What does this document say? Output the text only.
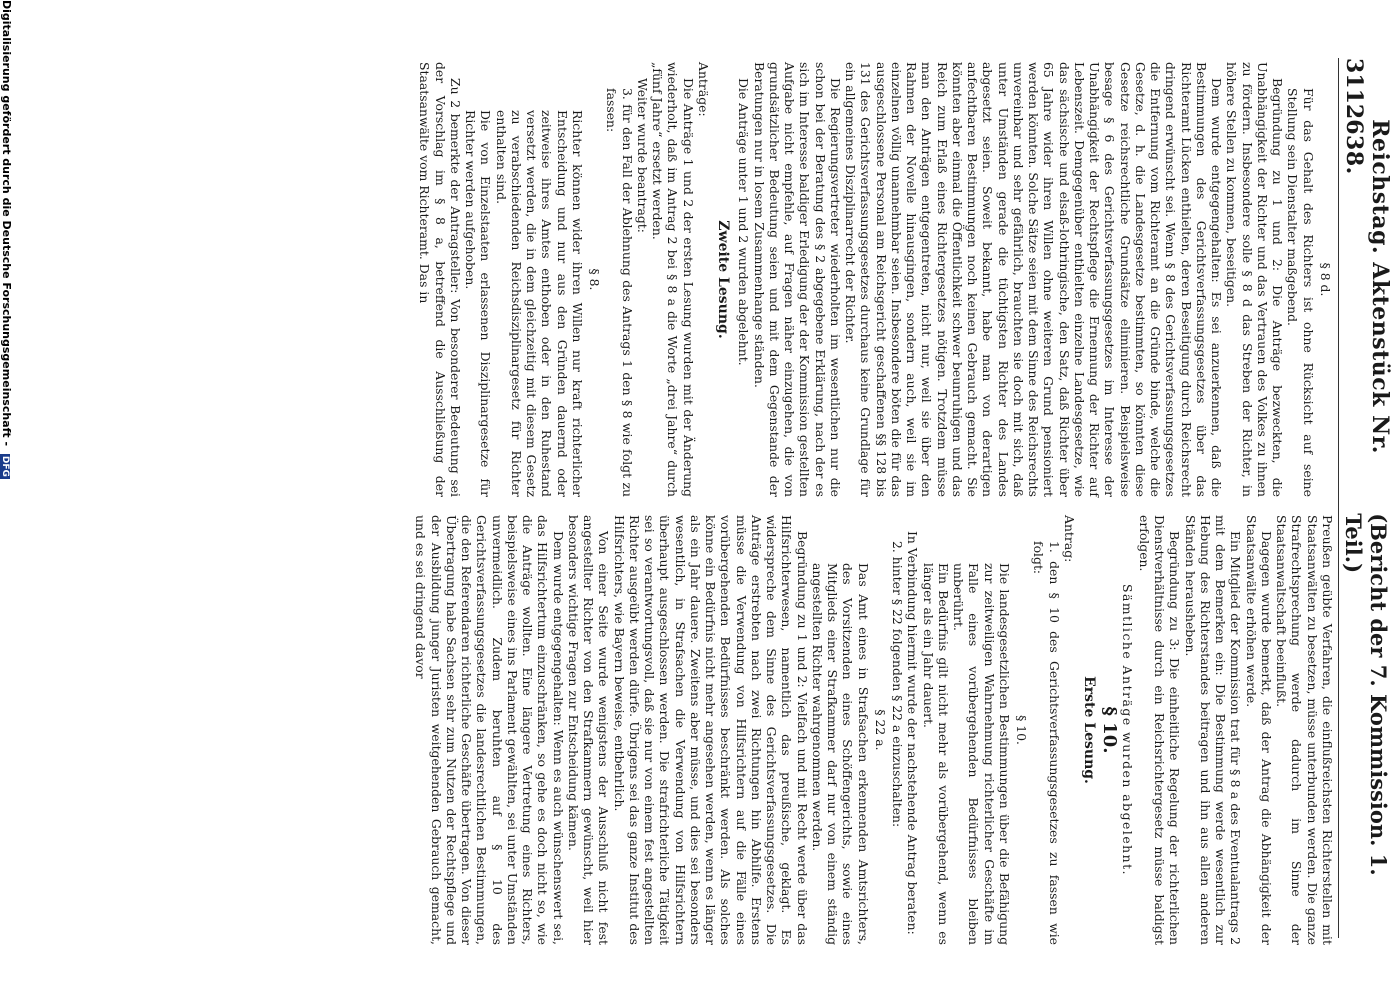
3112
Reichstag. Aktenstück Nr. 638.
(Bericht der 7. Kommission. 1. Teil.)

§ 8 d.

Für das Gehalt des Richters ist ohne Rücksicht auf seine Stellung sein Dienstalter maßgebend.

Begründung zu 1 und 2: Die Anträge bezweckten, die Unabhängigkeit der Richter und das Vertrauen des Volkes zu ihnen zu fördern. Insbesondere solle § 8 d das Streben der Richter, in höhere Stellen zu kommen, beseitigen.

Dem wurde entgegengehalten: Es sei anzuerkennen, daß die Bestimmungen des Gerichtsverfassungsgesetzes über das Richteramt Lücken enthielten, deren Beseitigung durch Reichsrecht dringend erwünscht sei. Wenn § 8 des Gerichtsverfassungsgesetzes die Entfernung vom Richteramt an die Gründe binde, welche die Gesetze, d. h. die Landesgesetze bestimmten, so könnten diese Gesetze reichsrechtliche Grundsätze eliminieren. Beispielsweise besage § 6 des Gerichtsverfassungsgesetzes im Interesse der Unabhängigkeit der Rechtspflege die Ernennung der Richter auf Lebenszeit. Demgegenüber enthielten einzelne Landesgesetze, wie das sächsische und elsaß-lothringische, den Satz, daß Richter über 65 Jahre wider ihren Willen ohne weiteren Grund pensioniert werden könnten. Solche Sätze seien mit dem Sinne des Reichsrechts unvereinbar und sehr gefährlich, brauchten sie doch mit sich, daß unter Umständen gerade die tüchtigsten Richter des Landes abgesetzt seien. Soweit bekannt, habe man von derartigen anfechtbaren Bestimmungen noch keinen Gebrauch gemacht. Sie könnten aber einmal die Öffentlichkeit schwer beunruhigen und das Reich zum Erlaß eines Richtergesetzes nötigen. Trotzdem müsse man den Anträgen entgegentreten, nicht nur, weil sie über den Rahmen der Novelle hinausgingen, sondern auch, weil sie im einzelnen völlig unannehmbar seien. Insbesondere böten die für das ausgeschlossene Personal am Reichsgericht geschaffenen §§ 128 bis 131 des Gerichtsverfassungsgesetzes durchaus keine Grundlage für ein allgemeines Disziplinarrecht der Richter.

Die Regierungsvertreter wiederholten im wesentlichen nur die schon bei der Beratung des § 2 abgegebene Erklärung, nach der es sich im Interesse baldiger Erledigung der der Kommission gestellten Aufgabe nicht empfehle, auf Fragen näher einzugehen, die von grundsätzlicher Bedeutung seien und mit dem Gegenstande der Beratungen nur in losem Zusammenhange ständen.

Die Anträge unter 1 und 2 wurden abgelehnt.

Zweite Lesung.

Anträge:

Die Anträge 1 und 2 der ersten Lesung wurden mit der Änderung wiederholt, daß im Antrag 2 bei § 8 a die Worte „drei Jahre“ durch „fünf Jahre“ ersetzt werden.

Weiter wurde beantragt:

3. für den Fall der Ablehnung des Antrags 1 den § 8 wie folgt zu fassen:

§ 8.

Richter können wider ihren Willen nur kraft richterlicher Entscheidung und nur aus den Gründen dauernd oder zeitweise ihres Amtes enthoben oder in den Ruhestand versetzt werden, die in dem gleichzeitig mit diesem Gesetz zu verabschiedenden Reichsdisziplinargesetz für Richter enthalten sind.

Die von Einzelstaaten erlassenen Disziplinargesetze für Richter werden aufgehoben.

Zu 2 bemerkte der Antragsteller: Von besonderer Bedeutung sei der Vorschlag im § 8 a, betreffend die Ausschließung der Staatsanwälte vom Richteramt. Das in

Preußen geübte Verfahren, die einflußreichsten Richterstellen mit Staatsanwälten zu besetzen, müsse unterbunden werden. Die ganze Strafrechtsprechung werde dadurch im Sinne der Staatsanwaltschaft beeinflußt.

Dagegen wurde bemerkt, daß der Antrag die Abhängigkeit der Staatsanwälte erhöhen werde.

Ein Mitglied der Kommission trat für § 8 a des Eventualantrags 2 mit dem Bemerken ein: Die Bestimmung werde wesentlich zur Hebung des Richterstandes beitragen und ihn aus allen anderen Ständen herausheben.

Begründung zu 3: Die einheitliche Regelung der richterlichen Dienstverhältnisse durch ein Reichsrichtergesetz müsse baldigst erfolgen.

Sämtliche Anträge wurden abgelehnt.

§ 10.

Erste Lesung.

Antrag:

1. den § 10 des Gerichtsverfassungsgesetzes zu fassen wie folgt:

§ 10.

Die landesgesetzlichen Bestimmungen über die Befähigung zur zeitweiligen Wahrnehmung richterlicher Geschäfte im Falle eines vorübergehenden Bedürfnisses bleiben unberührt.

Ein Bedürfnis gilt nicht mehr als vorübergehend, wenn es länger als ein Jahr dauert.

In Verbindung hiermit wurde der nachstehende Antrag beraten:

2. hinter § 22 folgenden § 22 a einzuschalten:

§ 22 a.

Das Amt eines in Strafsachen erkennenden Amtsrichters, des Vorsitzenden eines Schöffengerichts, sowie eines Mitglieds einer Strafkammer darf nur von einem ständig angestellten Richter wahrgenommen werden.

Begründung zu 1 und 2: Vielfach und mit Recht werde über das Hilfsrichterwesen, namentlich das preußische, geklagt. Es widerspreche dem Sinne des Gerichtsverfassungsgesetzes. Die Anträge erstrebten nach zwei Richtungen hin Abhilfe. Erstens müsse die Verwendung von Hilfsrichtern auf die Fälle eines vorübergehenden Bedürfnisses beschränkt werden. Als solches könne ein Bedürfnis nicht mehr angesehen werden, wenn es länger als ein Jahr dauere. Zweitens aber müsse, und dies sei besonders wesentlich, in Strafsachen die Verwendung von Hilfsrichtern überhaupt ausgeschlossen werden. Die strafrichterliche Tätigkeit sei so verantwortungsvoll, daß sie nur von einem fest angestellten Richter ausgeübt werden dürfe. Übrigens sei das ganze Institut des Hilfsrichters, wie Bayern beweise, entbehrlich.

Von einer Seite wurde wenigstens der Ausschluß nicht fest angestellter Richter von den Strafkammern gewünscht, weil hier besonders wichtige Fragen zur Entscheidung kämen.

Dem wurde entgegengehalten: Wenn es auch wünschenswert sei, das Hilfsrichtertum einzuschränken, so gehe es doch nicht so, wie die Anträge wollten. Eine längere Vertretung eines Richters, beispielsweise eines ins Parlament gewählten, sei unter Umständen unvermeidlich. Zudem beruhten auf § 10 des Gerichtsverfassungsgesetzes die landesrechtlichen Bestimmungen, die den Referendaren richterliche Geschäfte übertragen. Von dieser Übertragung habe Sachsen sehr zum Nutzen der Rechtspflege und der Ausbildung junger Juristen weitgehenden Gebrauch gemacht, und es sei dringend davor

Digitalisierung gefördert durch die Deutsche Forschungsgemeinschaft - DFG
